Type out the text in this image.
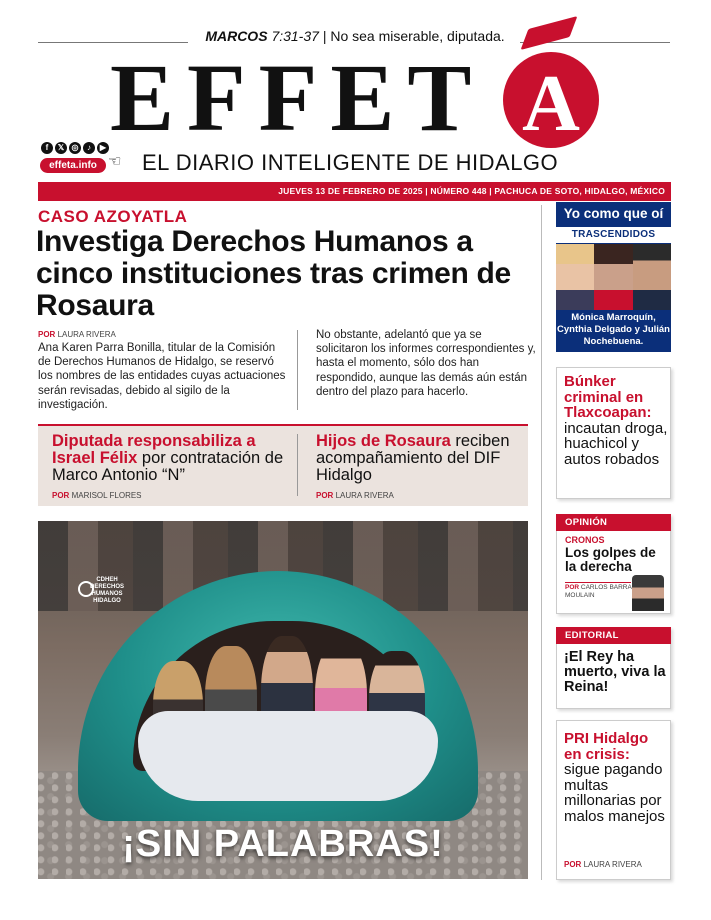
MARCOS 7:31-37 | No sea miserable, diputada.
EFFET A
f	𝕏 ◎	♪	▶
effeta.info ☜ EL DIARIO INTELIGENTE DE HIDALGO
JUEVES 13 DE FEBRERO DE 2025 | NÚMERO 448 | PACHUCA DE SOTO, HIDALGO, MÉXICO
CASO AZOYATLA
Investiga Derechos Humanos a cinco instituciones tras crimen de Rosaura
POR LAURA RIVERA
Ana Karen Parra Bonilla, titular de la Comisión de Derechos Humanos de Hidalgo, se reservó los nombres de las entidades cuyas actuaciones serán revisadas, debido al sigilo de la investigación.
No obstante, adelantó que ya se solicitaron los informes correspondientes y, hasta el momento, sólo dos han respondido, aunque las demás aún están dentro del plazo para hacerlo.
Diputada responsabiliza a Israel Félix por contratación de Marco Antonio “N”
POR MARISOL FLORES
Hijos de Rosaura reciben acompañamiento del DIF Hidalgo
POR LAURA RIVERA
CDHEH DERECHOS HUMANOS HIDALGO
¡SIN PALABRAS!
Yo como que oí
TRASCENDIDOS
Mónica Marroquín, Cynthia Delgado y Julián Nochebuena.
Búnker criminal en Tlaxcoapan: incautan droga, huachicol y autos robados
OPINIÓN
CRONOS
Los golpes de la derecha
POR CARLOS BARRA MOULAIN
EDITORIAL
¡El Rey ha muerto, viva la Reina!
PRI Hidalgo en crisis: sigue pagando multas millonarias por malos manejos
POR LAURA RIVERA
